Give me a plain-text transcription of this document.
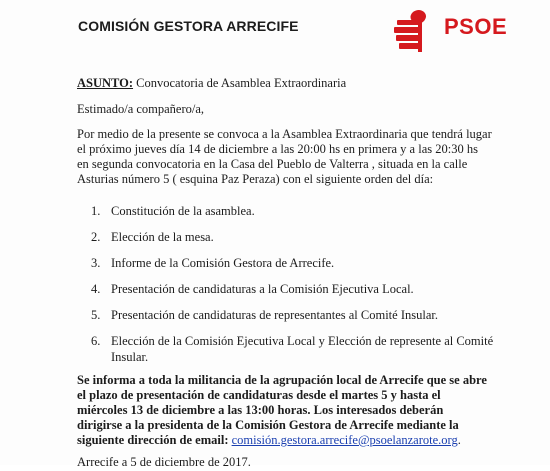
COMISIÓN GESTORA ARRECIFE	PSOE
ASUNTO: Convocatoria de Asamblea Extraordinaria
Estimado/a compañero/a,
Por medio de la presente se convoca a la Asamblea Extraordinaria que tendrá lugar
el próximo jueves día 14 de diciembre a las 20:00 hs en primera y a las 20:30 hs
en segunda convocatoria en la Casa del Pueblo de Valterra , situada en la calle
Asturias número 5 ( esquina Paz Peraza) con el siguiente orden del día:
1. Constitución de la asamblea.
2. Elección de la mesa.
3. Informe de la Comisión Gestora de Arrecife.
4. Presentación de candidaturas a la Comisión Ejecutiva Local.
5. Presentación de candidaturas de representantes al Comité Insular.
6. Elección de la Comisión Ejecutiva Local y Elección de represente al Comité
Insular.
Se informa a toda la militancia de la agrupación local de Arrecife que se abre
el plazo de presentación de candidaturas desde el martes 5 y hasta el
miércoles 13 de diciembre a las 13:00 horas. Los interesados deberán
dirigirse a la presidenta de la Comisión Gestora de Arrecife mediante la
siguiente dirección de email: comisión.gestora.arrecife@psoelanzarote.org.
Arrecife a 5 de diciembre de 2017.
